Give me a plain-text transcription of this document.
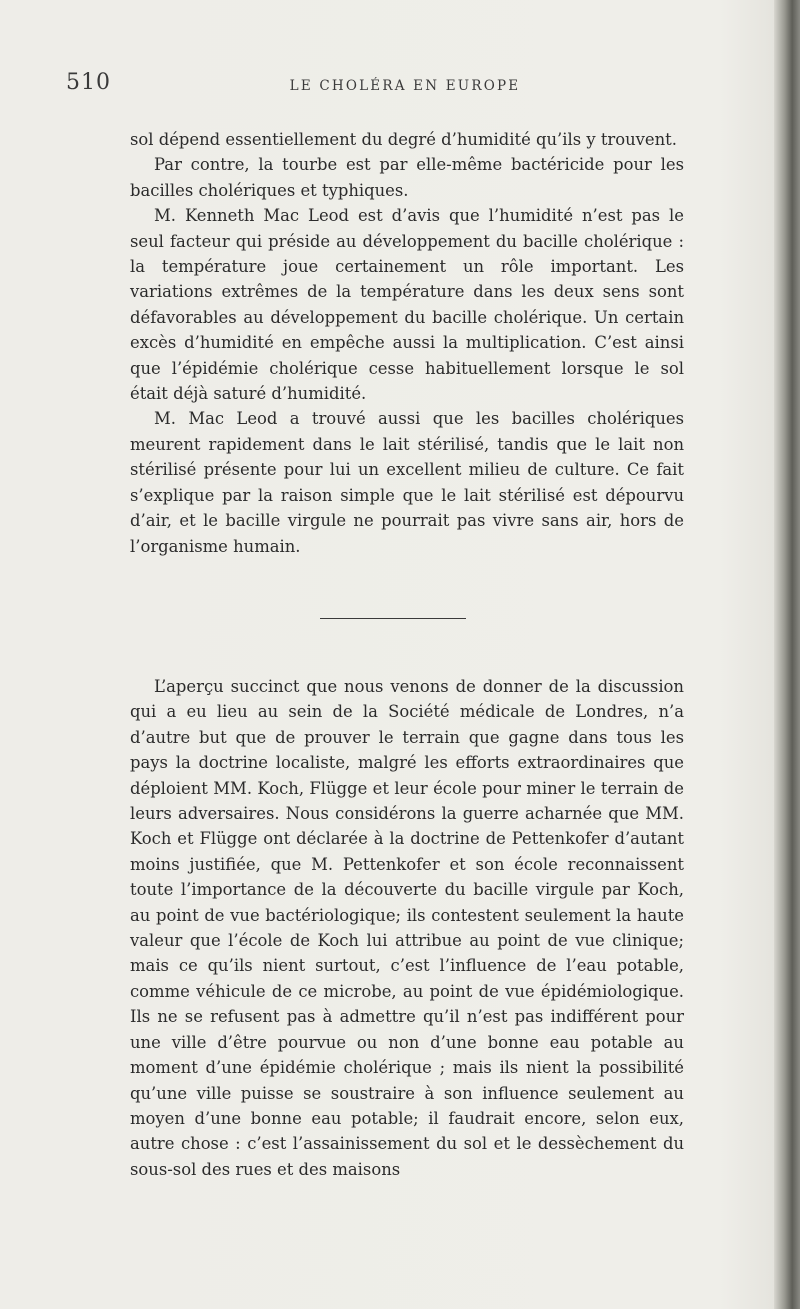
510	LE CHOLÉRA EN EUROPE

sol dépend essentiellement du degré d’humidité qu’ils y trouvent.

Par contre, la tourbe est par elle-même bactéricide pour les bacilles cholériques et typhiques.

M. Kenneth Mac Leod est d’avis que l’humidité n’est pas le seul facteur qui préside au développement du bacille cholérique : la température joue certainement un rôle important. Les variations extrêmes de la température dans les deux sens sont défavorables au développement du bacille cholérique. Un certain excès d’humidité en empêche aussi la multiplication. C’est ainsi que l’épidémie cholérique cesse habituellement lorsque le sol était déjà saturé d’humidité.

M. Mac Leod a trouvé aussi que les bacilles cholériques meurent rapidement dans le lait stérilisé, tandis que le lait non stérilisé présente pour lui un excellent milieu de culture. Ce fait s’explique par la raison simple que le lait stérilisé est dépourvu d’air, et le bacille virgule ne pourrait pas vivre sans air, hors de l’organisme humain.

L’aperçu succinct que nous venons de donner de la discussion qui a eu lieu au sein de la Société médicale de Londres, n’a d’autre but que de prouver le terrain que gagne dans tous les pays la doctrine localiste, malgré les efforts extraordinaires que déploient MM. Koch, Flügge et leur école pour miner le terrain de leurs adversaires. Nous considérons la guerre acharnée que MM. Koch et Flügge ont déclarée à la doctrine de Pettenkofer d’autant moins justifiée, que M. Pettenkofer et son école reconnaissent toute l’importance de la découverte du bacille virgule par Koch, au point de vue bactériologique; ils contestent seulement la haute valeur que l’école de Koch lui attribue au point de vue clinique; mais ce qu’ils nient surtout, c’est l’influence de l’eau potable, comme véhicule de ce microbe, au point de vue épidémiologique. Ils ne se refusent pas à admettre qu’il n’est pas indifférent pour une ville d’être pourvue ou non d’une bonne eau potable au moment d’une épidémie cholérique ; mais ils nient la possibilité qu’une ville puisse se soustraire à son influence seulement au moyen d’une bonne eau potable; il faudrait encore, selon eux, autre chose : c’est l’assainissement du sol et le dessèchement du sous-sol des rues et des maisons
